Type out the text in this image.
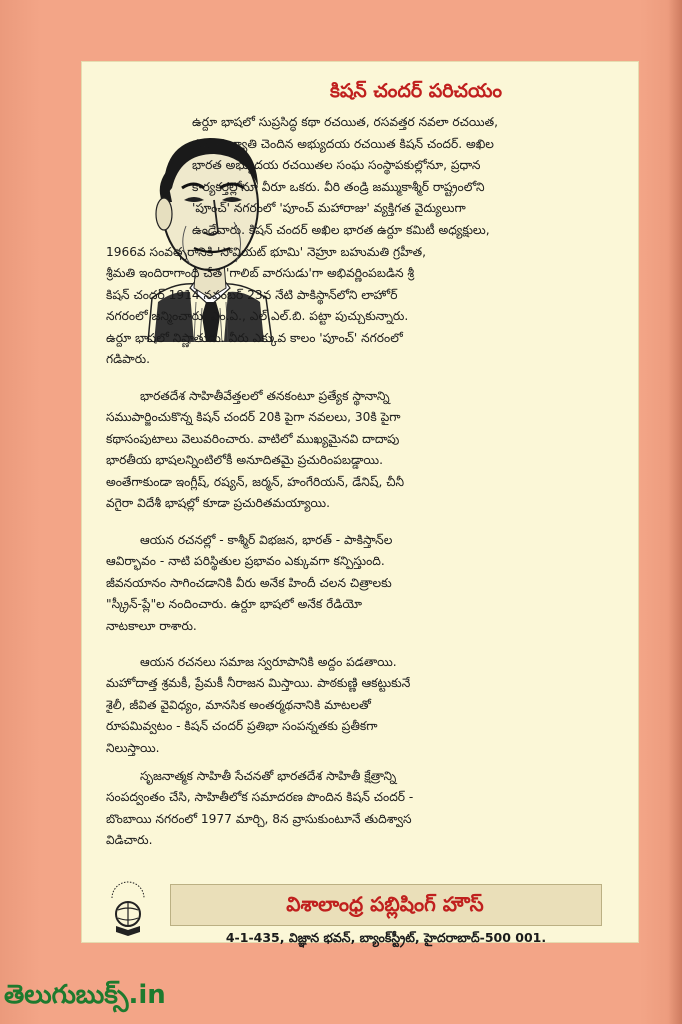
కిషన్ చందర్ పరిచయం
ఉర్దూ భాషలో సుప్రసిద్ధ కథా రచయిత, రసవత్తర నవలా రచయిత,
ప్రపంచ ఖ్యాతి చెందిన అభ్యుదయ రచయిత కిషన్ చందర్. అఖిల
భారత అభ్యుదయ రచయితల సంఘ సంస్థాపకుల్లోనూ, ప్రధాన
కార్యకర్తల్లోనూ వీరూ ఒకరు. వీరి తండ్రి జమ్ముకాశ్మీర్ రాష్ట్రంలోని
'పూంచ్' నగరంలో 'పూంచ్ మహారాజు' వ్యక్తిగత వైద్యులుగా
ఉండేవారు. కిషన్ చందర్ అఖిల భారత ఉర్దూ కమిటీ అధ్యక్షులు,
1966వ సంవత్సరానికి 'సోవియట్ భూమి' నెహ్రూ బహుమతి గ్రహీత,
శ్రీమతి ఇందిరాగాంధీ చేత 'గాలిబ్ వారసుడు'గా అభివర్ణింపబడిన శ్రీ
కిషన్ చందర్ 1914 నవంబర్ 23న నేటి పాకిస్థాన్‌లోని లాహోర్
నగరంలో జన్మించారు. ఎం.ఏ., ఎల్.ఎల్.బి. పట్టా పుచ్చుకున్నారు.
ఉర్దూ భాషలో నిష్ణాతుడు. వీరు ఎక్కువ కాలం 'పూంచ్' నగరంలో
గడిపారు.
భారతదేశ సాహితీవేత్తలలో తనకంటూ ప్రత్యేక స్థానాన్ని
సముపార్జించుకొన్న కిషన్ చందర్ 20కి పైగా నవలలు, 30కి పైగా
కథాసంపుటాలు వెలువరించారు. వాటిలో ముఖ్యమైనవి దాదాపు
భారతీయ భాషలన్నింటిలోకీ అనూదితమై ప్రచురింపబడ్డాయి.
అంతేగాకుండా ఇంగ్లీష్, రష్యన్, జర్మన్, హంగేరియన్, డేనిష్, చీనీ
వగైరా విదేశీ భాషల్లో కూడా ప్రచురితమయ్యాయి.
ఆయన రచనల్లో - కాశ్మీర్ విభజన, భారత్ - పాకిస్తాన్‌ల
ఆవిర్భావం - నాటి పరిస్థితుల ప్రభావం ఎక్కువగా కన్పిస్తుంది.
జీవనయానం సాగించడానికి వీరు అనేక హిందీ చలన చిత్రాలకు
"స్క్రీన్-ప్లే"ల నందించారు. ఉర్దూ భాషలో అనేక రేడియో
నాటకాలూ రాశారు.
ఆయన రచనలు సమాజ స్వరూపానికి అద్దం పడతాయి.
మహోదాత్త శ్రమకీ, ప్రేమకీ నీరాజన మిస్తాయి. పాఠకుణ్ణి ఆకట్టుకునే
శైలీ, జీవిత వైవిధ్యం, మానసిక అంతర్మథనానికి మాటలతో
రూపమివ్వటం - కిషన్ చందర్ ప్రతిభా సంపన్నతకు ప్రతీకగా
నిలుస్తాయి.
సృజనాత్మక సాహితీ సేచనతో భారతదేశ సాహితీ క్షేత్రాన్ని
సంపద్వంతం చేసి, సాహితీలోక సమాదరణ పొందిన కిషన్ చందర్ -
బొంబాయి నగరంలో 1977 మార్చి, 8న వ్రాసుకుంటూనే తుదిశ్వాస
విడిచారు.
విశాలాంధ్ర పబ్లిషింగ్ హౌస్
4-1-435, విజ్ఞాన భవన్, బ్యాంక్‌స్ట్రీట్, హైదరాబాద్-500 001.
తెలుగుబుక్స్.in
